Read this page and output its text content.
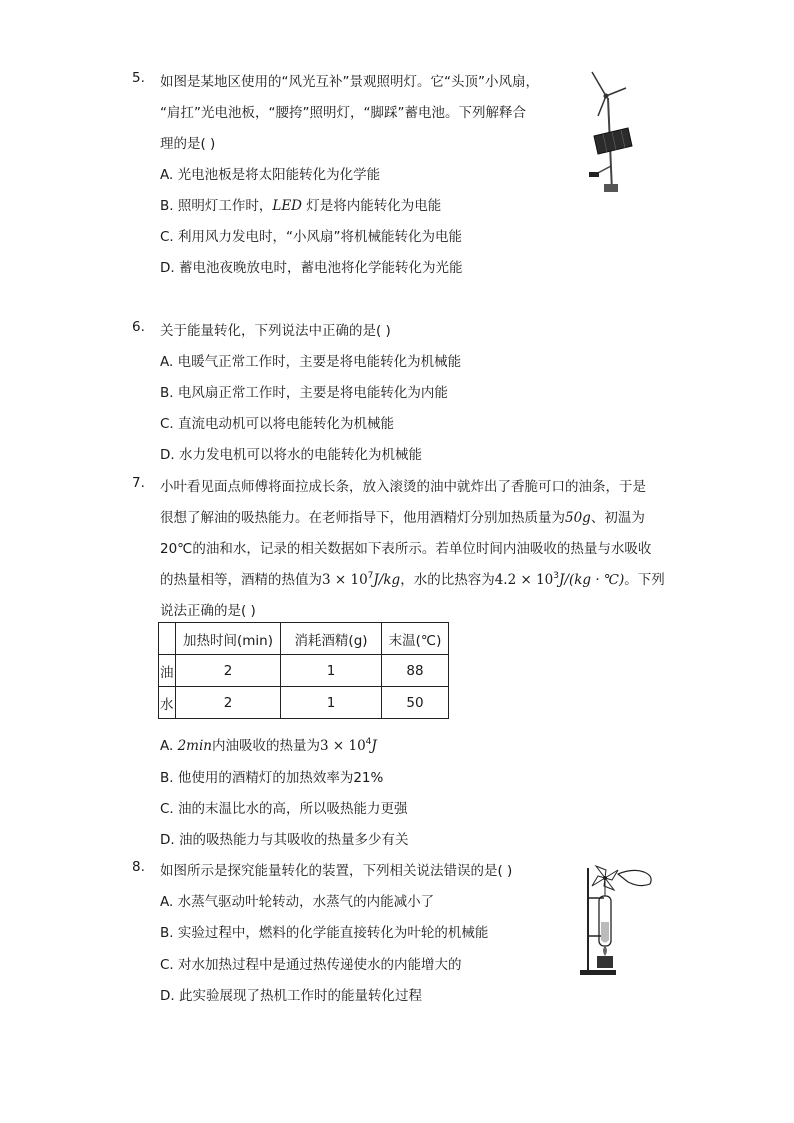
5.	如图是某地区使用的“风光互补”景观照明灯。它“头顶”小风扇，
“肩扛”光电池板，“腰挎”照明灯，“脚踩”蓄电池。下列解释合
理的是( )
A. 光电池板是将太阳能转化为化学能
B. 照明灯工作时，LED 灯是将内能转化为电能
C. 利用风力发电时，“小风扇”将机械能转化为电能
D. 蓄电池夜晚放电时，蓄电池将化学能转化为光能
6.	关于能量转化，下列说法中正确的是( )
A. 电暖气正常工作时，主要是将电能转化为机械能
B. 电风扇正常工作时，主要是将电能转化为内能
C. 直流电动机可以将电能转化为机械能
D. 水力发电机可以将水的电能转化为机械能
7.	小叶看见面点师傅将面拉成长条，放入滚烫的油中就炸出了香脆可口的油条，于是
很想了解油的吸热能力。在老师指导下，他用酒精灯分别加热质量为50g、初温为
20℃的油和水，记录的相关数据如下表所示。若单位时间内油吸收的热量与水吸收
的热量相等，酒精的热值为$3 \times 10^7J/kg$，水的比热容为$4.2 \times 10^3J/(kg$ · ℃)。下列
说法正确的是( )
	加热时间(min)	消耗酒精(g)	末温(℃)
油	2	1	88
水	2	1	50
A. 2min内油吸收的热量为$3 \times 10^4J$
B. 他使用的酒精灯的加热效率为21%
C. 油的末温比水的高，所以吸热能力更强
D. 油的吸热能力与其吸收的热量多少有关
8.	如图所示是探究能量转化的装置，下列相关说法错误的是( )
A. 水蒸气驱动叶轮转动，水蒸气的内能减小了
B. 实验过程中，燃料的化学能直接转化为叶轮的机械能
C. 对水加热过程中是通过热传递使水的内能增大的
D. 此实验展现了热机工作时的能量转化过程
